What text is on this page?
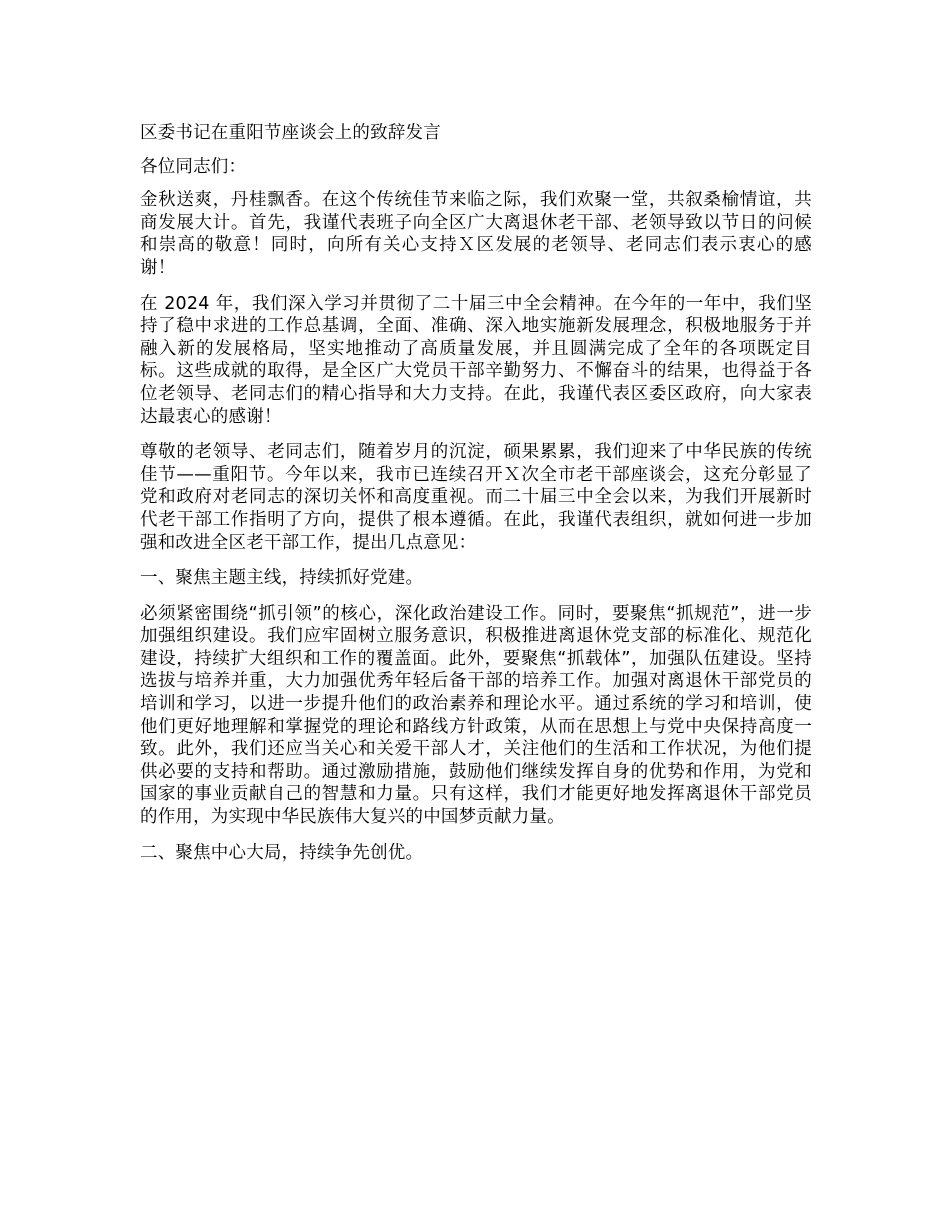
区委书记在重阳节座谈会上的致辞发言

各位同志们：

金秋送爽，丹桂飘香。在这个传统佳节来临之际，我们欢聚一堂，共叙桑榆情谊，共商发展大计。首先，我谨代表班子向全区广大离退休老干部、老领导致以节日的问候和崇高的敬意！同时，向所有关心支持Ｘ区发展的老领导、老同志们表示衷心的感谢！

在 2024 年，我们深入学习并贯彻了二十届三中全会精神。在今年的一年中，我们坚持了稳中求进的工作总基调，全面、准确、深入地实施新发展理念，积极地服务于并融入新的发展格局，坚实地推动了高质量发展，并且圆满完成了全年的各项既定目标。这些成就的取得，是全区广大党员干部辛勤努力、不懈奋斗的结果，也得益于各位老领导、老同志们的精心指导和大力支持。在此，我谨代表区委区政府，向大家表达最衷心的感谢！

尊敬的老领导、老同志们，随着岁月的沉淀，硕果累累，我们迎来了中华民族的传统佳节——重阳节。今年以来，我市已连续召开Ｘ次全市老干部座谈会，这充分彰显了党和政府对老同志的深切关怀和高度重视。而二十届三中全会以来，为我们开展新时代老干部工作指明了方向，提供了根本遵循。在此，我谨代表组织，就如何进一步加强和改进全区老干部工作，提出几点意见：

一、聚焦主题主线，持续抓好党建。

必须紧密围绕“抓引领”的核心，深化政治建设工作。同时，要聚焦“抓规范”，进一步加强组织建设。我们应牢固树立服务意识，积极推进离退休党支部的标准化、规范化建设，持续扩大组织和工作的覆盖面。此外，要聚焦“抓载体”，加强队伍建设。坚持选拔与培养并重，大力加强优秀年轻后备干部的培养工作。加强对离退休干部党员的培训和学习，以进一步提升他们的政治素养和理论水平。通过系统的学习和培训，使他们更好地理解和掌握党的理论和路线方针政策，从而在思想上与党中央保持高度一致。此外，我们还应当关心和关爱干部人才，关注他们的生活和工作状况，为他们提供必要的支持和帮助。通过激励措施，鼓励他们继续发挥自身的优势和作用，为党和国家的事业贡献自己的智慧和力量。只有这样，我们才能更好地发挥离退休干部党员的作用，为实现中华民族伟大复兴的中国梦贡献力量。

二、聚焦中心大局，持续争先创优。
